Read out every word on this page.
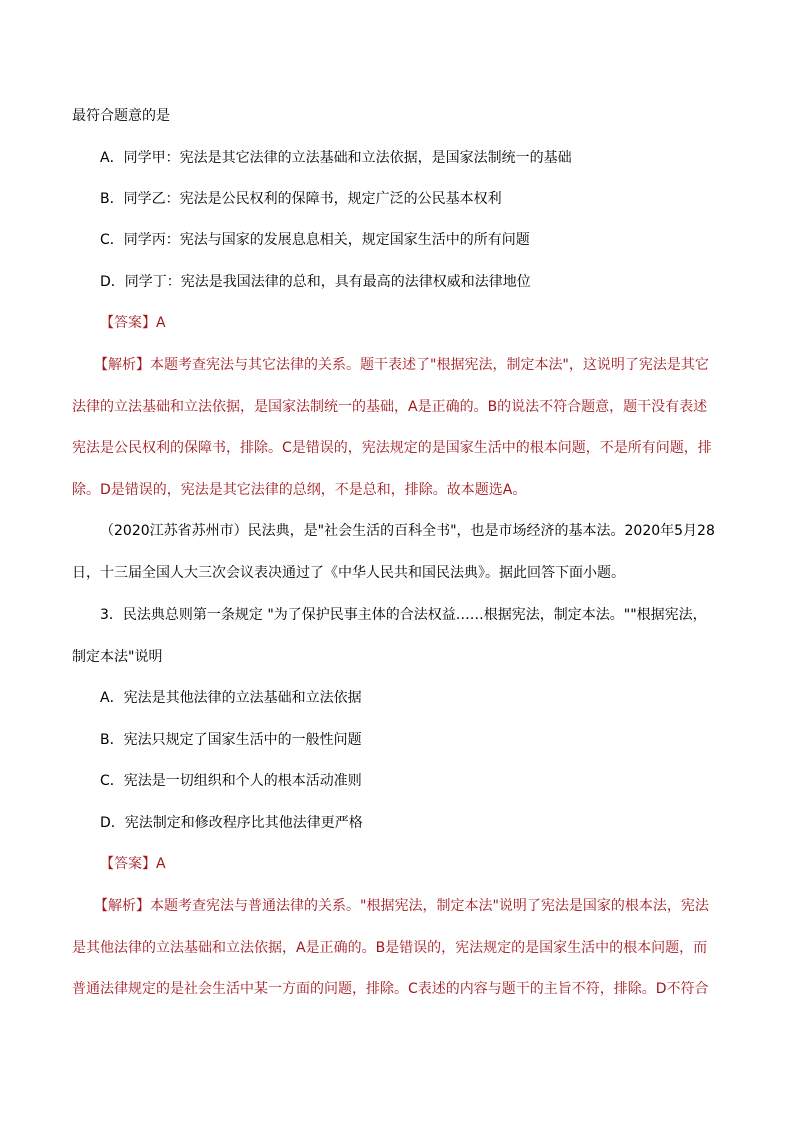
最符合题意的是
A．同学甲：宪法是其它法律的立法基础和立法依据，是国家法制统一的基础
B．同学乙：宪法是公民权利的保障书，规定广泛的公民基本权利
C．同学丙：宪法与国家的发展息息相关，规定国家生活中的所有问题
D．同学丁：宪法是我国法律的总和，具有最高的法律权威和法律地位
【答案】A
【解析】本题考查宪法与其它法律的关系。题干表述了"根据宪法，制定本法"，这说明了宪法是其它
法律的立法基础和立法依据，是国家法制统一的基础，A是正确的。B的说法不符合题意，题干没有表述
宪法是公民权利的保障书，排除。C是错误的，宪法规定的是国家生活中的根本问题，不是所有问题，排
除。D是错误的，宪法是其它法律的总纲，不是总和，排除。故本题选A。
（2020江苏省苏州市）民法典，是"社会生活的百科全书"，也是市场经济的基本法。2020年5月28
日，十三届全国人大三次会议表决通过了《中华人民共和国民法典》。据此回答下面小题。
3．民法典总则第一条规定 "为了保护民事主体的合法权益……根据宪法，制定本法。""根据宪法，
制定本法"说明
A．宪法是其他法律的立法基础和立法依据
B．宪法只规定了国家生活中的一般性问题
C．宪法是一切组织和个人的根本活动准则
D．宪法制定和修改程序比其他法律更严格
【答案】A
【解析】本题考查宪法与普通法律的关系。"根据宪法，制定本法"说明了宪法是国家的根本法，宪法
是其他法律的立法基础和立法依据，A是正确的。B是错误的，宪法规定的是国家生活中的根本问题，而
普通法律规定的是社会生活中某一方面的问题，排除。C表述的内容与题干的主旨不符，排除。D不符合
